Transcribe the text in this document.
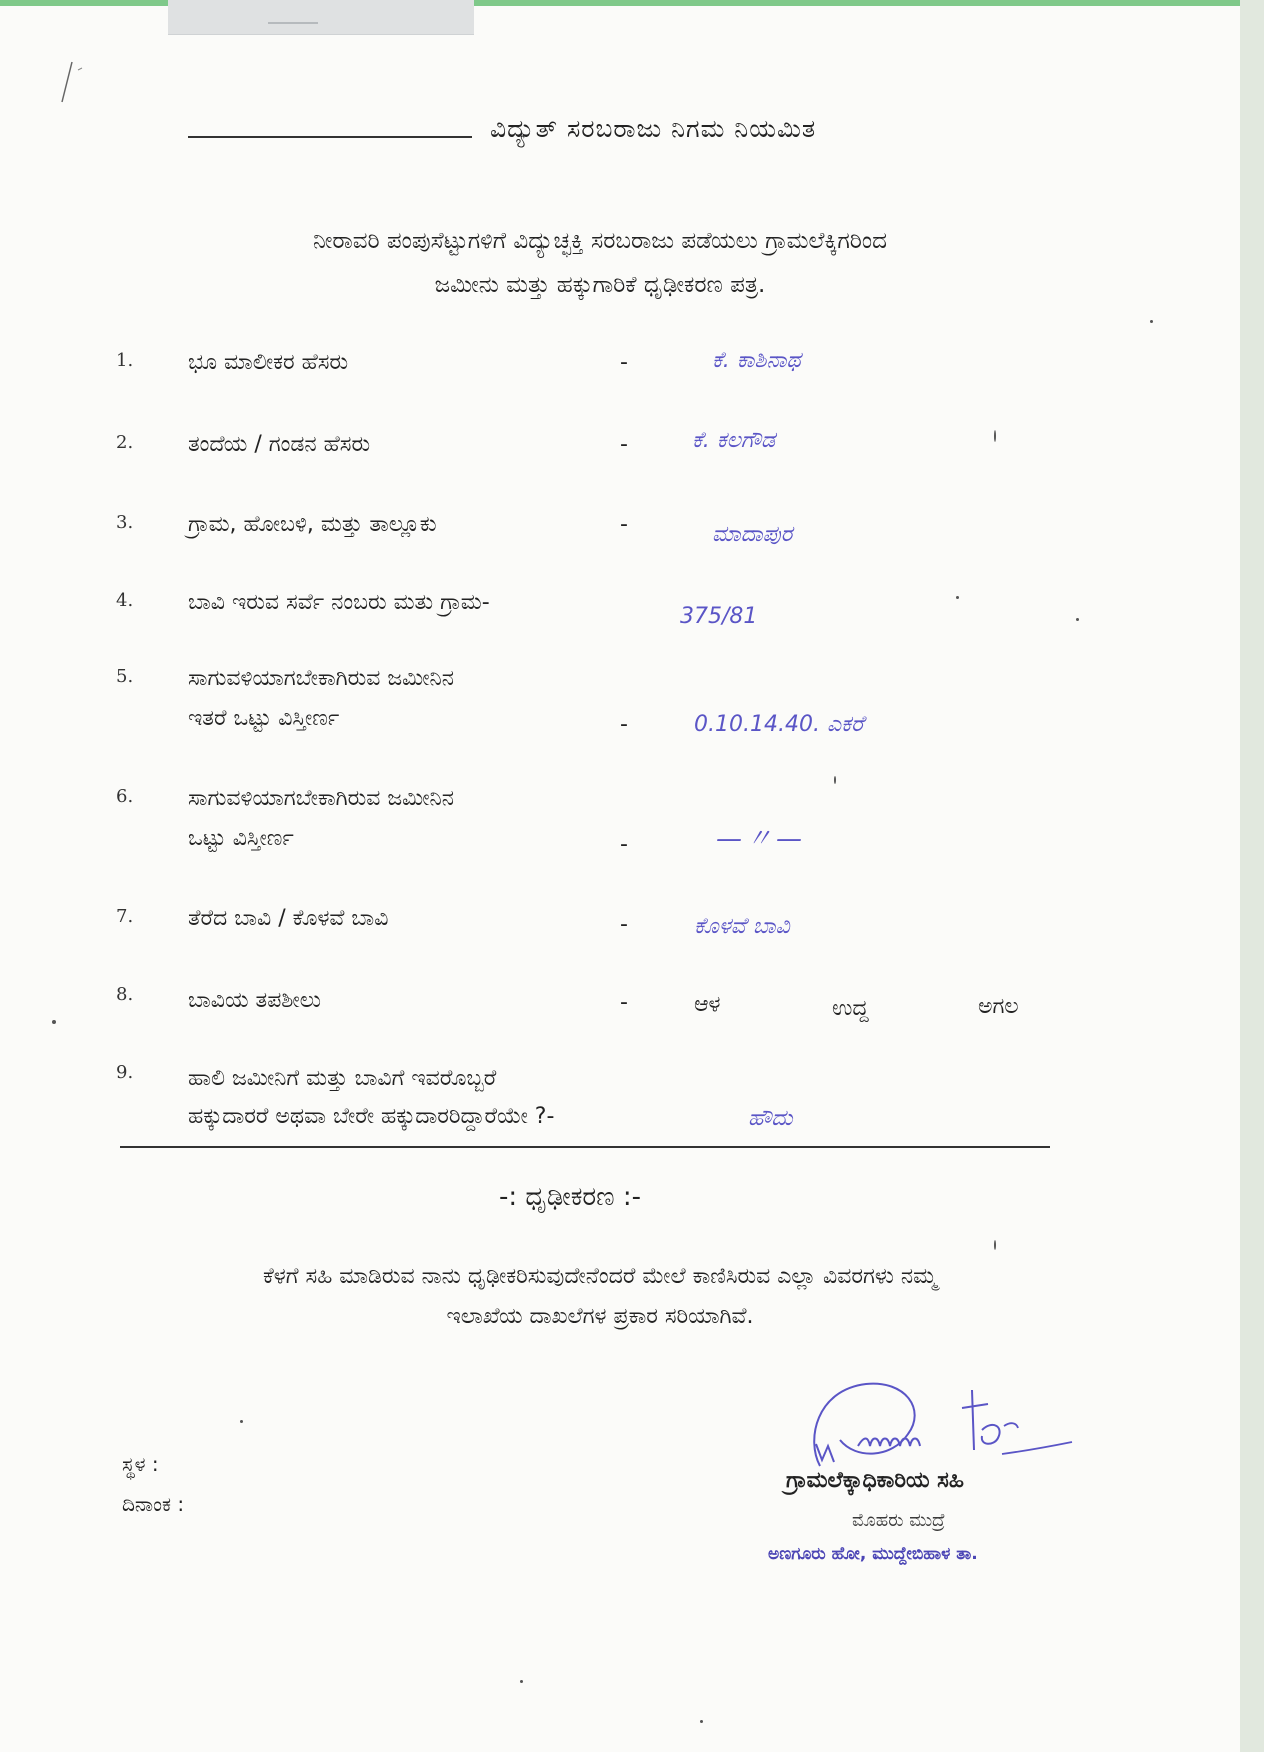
ವಿದ್ಯುತ್ ಸರಬರಾಜು ನಿಗಮ ನಿಯಮಿತ
ನೀರಾವರಿ ಪಂಪುಸೆಟ್ಟುಗಳಿಗೆ ವಿದ್ಯುಚ್ಛಕ್ತಿ ಸರಬರಾಜು ಪಡೆಯಲು ಗ್ರಾಮಲೆಕ್ಕಿಗರಿಂದ
ಜಮೀನು ಮತ್ತು ಹಕ್ಕುಗಾರಿಕೆ ಧೃಢೀಕರಣ ಪತ್ರ.
1. ಭೂ ಮಾಲೀಕರ ಹೆಸರು	-	ಕೆ. ಕಾಶಿನಾಥ
2. ತಂದೆಯ / ಗಂಡನ ಹೆಸರು	-	ಕೆ. ಕಲಗೌಡ
3. ಗ್ರಾಮ, ಹೋಬಳಿ, ಮತ್ತು ತಾಲ್ಲೂಕು	-	ಮಾದಾಪುರ
4. ಬಾವಿ ಇರುವ ಸರ್ವೆ ನಂಬರು ಮತು ಗ್ರಾಮ-
375/81
5. ಸಾಗುವಳಿಯಾಗಬೇಕಾಗಿರುವ ಜಮೀನಿನ
ಇತರೆ ಒಟ್ಟು ವಿಸ್ತೀರ್ಣ	-	0.10.14.40. ಎಕರೆ
6. ಸಾಗುವಳಿಯಾಗಬೇಕಾಗಿರುವ ಜಮೀನಿನ
ಒಟ್ಟು ವಿಸ್ತೀರ್ಣ	-	—〃—
7. ತೆರೆದ ಬಾವಿ / ಕೊಳವೆ ಬಾವಿ	-	ಕೊಳವೆ ಬಾವಿ
8. ಬಾವಿಯ ತಪಶೀಲು	-	ಆಳ	ಉದ್ದ	ಅಗಲ
9. ಹಾಲಿ ಜಮೀನಿಗೆ ಮತ್ತು ಬಾವಿಗೆ ಇವರೊಬ್ಬರೆ
ಹಕ್ಕುದಾರರೆ ಅಥವಾ ಬೇರೇ ಹಕ್ಕುದಾರರಿದ್ದಾರೆಯೇ ?-	ಹೌದು
-: ಧೃಢೀಕರಣ :-
ಕೆಳಗೆ ಸಹಿ ಮಾಡಿರುವ ನಾನು ಧೃಢೀಕರಿಸುವುದೇನೆಂದರೆ ಮೇಲೆ ಕಾಣಿಸಿರುವ ಎಲ್ಲಾ ವಿವರಗಳು ನಮ್ಮ
ಇಲಾಖೆಯ ದಾಖಲೆಗಳ ಪ್ರಕಾರ ಸರಿಯಾಗಿವೆ.
ಸ್ಥಳ :
ದಿನಾಂಕ :
ಗ್ರಾಮಲೆಕ್ಕಾಧಿಕಾರಿಯ ಸಹಿ
ಮೊಹರು ಮುದ್ರೆ
ಅಣಗೂರು ಹೋ, ಮುದ್ದೇಬಿಹಾಳ ತಾ.
